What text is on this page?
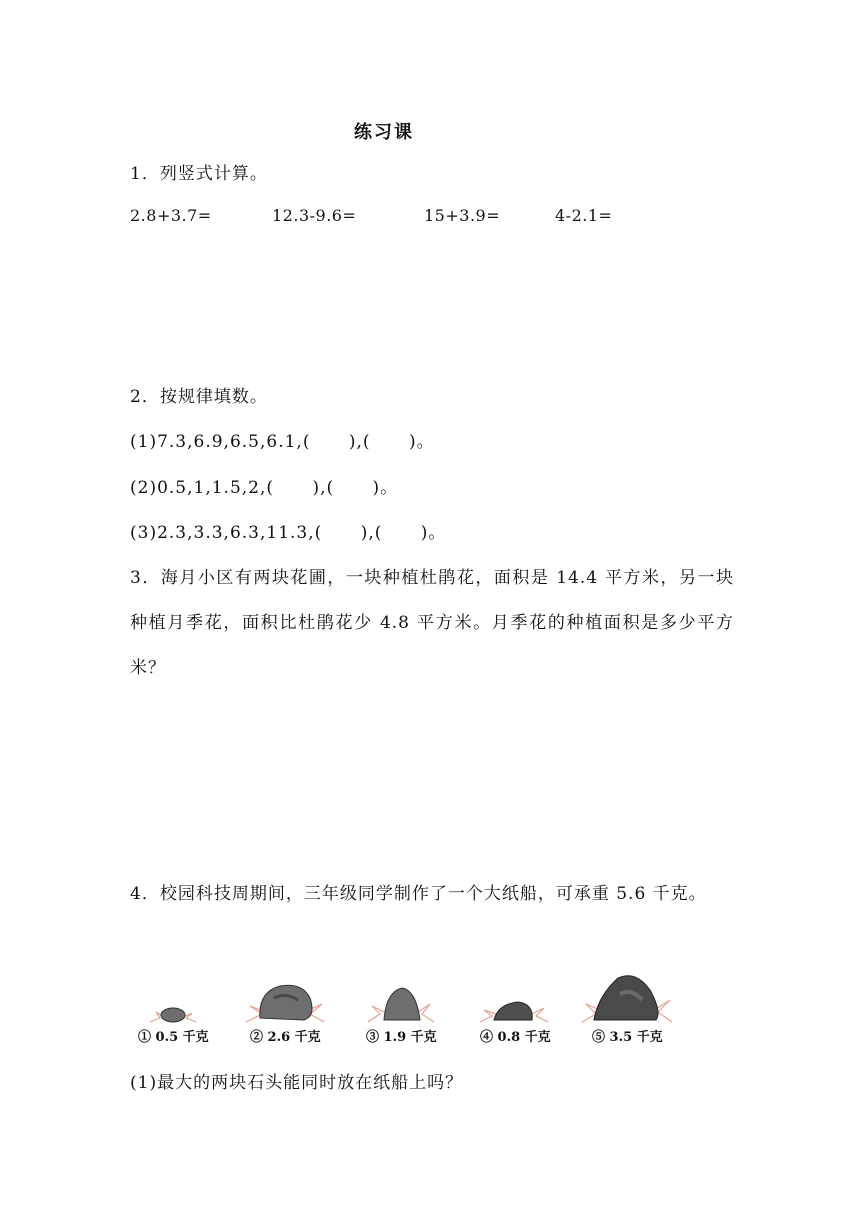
练习课
1．列竖式计算。
2.8+3.7=	12.3-9.6=	15+3.9=	4-2.1=
2．按规律填数。
(1)7.3,6.9,6.5,6.1,(      ),(      )。
(2)0.5,1,1.5,2,(      ),(      )。
(3)2.3,3.3,6.3,11.3,(      ),(      )。
3．海月小区有两块花圃，一块种植杜鹃花，面积是 14.4 平方米，另一块种植月季花，面积比杜鹃花少 4.8 平方米。月季花的种植面积是多少平方米？
4．校园科技周期间，三年级同学制作了一个大纸船，可承重 5.6 千克。
① 0.5 千克	② 2.6 千克	③ 1.9 千克	④ 0.8 千克	⑤ 3.5 千克
(1)最大的两块石头能同时放在纸船上吗？
